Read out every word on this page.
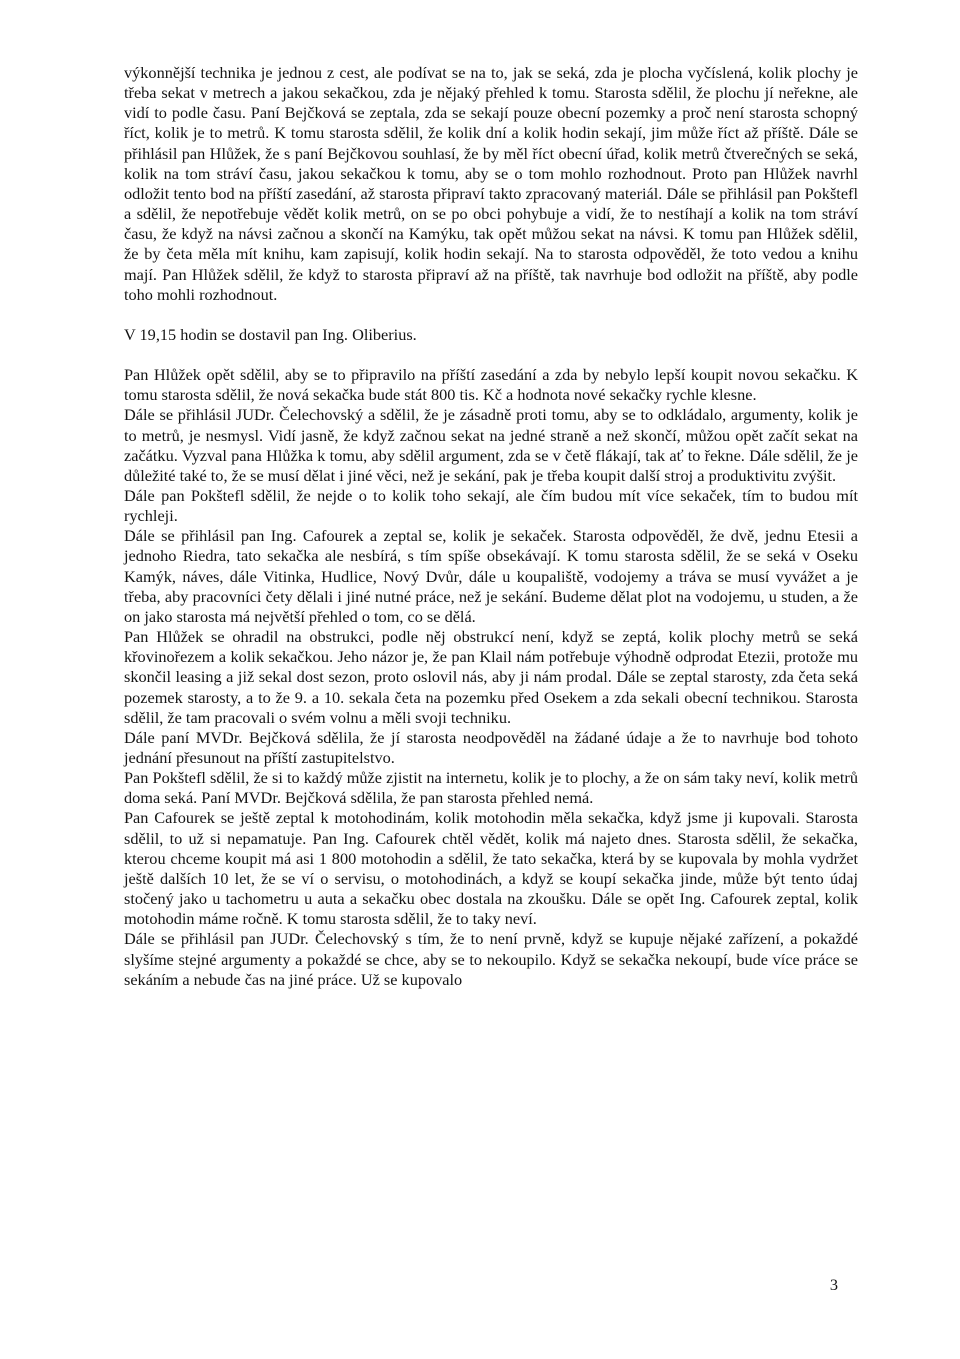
výkonnější technika je jednou z cest, ale podívat se na to, jak se seká, zda je plocha vyčíslená, kolik plochy je třeba sekat v metrech a jakou sekačkou, zda je nějaký přehled k tomu. Starosta sdělil, že plochu jí neřekne, ale vidí to podle času. Paní Bejčková se zeptala, zda se sekají pouze obecní pozemky a proč není starosta schopný říct, kolik je to metrů. K tomu starosta sdělil, že kolik dní a kolik hodin sekají, jim může říct až příště. Dále se přihlásil pan Hlůžek, že s paní Bejčkovou souhlasí, že by měl říct obecní úřad, kolik metrů čtverečných se seká, kolik na tom stráví času, jakou sekačkou k tomu, aby se o tom mohlo rozhodnout. Proto pan Hlůžek navrhl odložit tento bod na příští zasedání, až starosta připraví takto zpracovaný materiál. Dále se přihlásil pan Pokštefl a sdělil, že nepotřebuje vědět kolik metrů, on se po obci pohybuje a vidí, že to nestíhají a kolik na tom stráví času, že když na návsi začnou a skončí na Kamýku, tak opět můžou sekat na návsi. K tomu pan Hlůžek sdělil, že by četa měla mít knihu, kam zapisují, kolik hodin sekají. Na to starosta odpověděl, že toto vedou a knihu mají. Pan Hlůžek sdělil, že když to starosta připraví až na příště, tak navrhuje bod odložit na příště, aby podle toho mohli rozhodnout.

V 19,15 hodin se dostavil pan Ing. Oliberius.

Pan Hlůžek opět sdělil, aby se to připravilo na příští zasedání a zda by nebylo lepší koupit novou sekačku. K tomu starosta sdělil, že nová sekačka bude stát 800 tis. Kč a hodnota nové sekačky rychle klesne.

Dále se přihlásil JUDr. Čelechovský a sdělil, že je zásadně proti tomu, aby se to odkládalo, argumenty, kolik je to metrů, je nesmysl. Vidí jasně, že když začnou sekat na jedné straně a než skončí, můžou opět začít sekat na začátku. Vyzval pana Hlůžka k tomu, aby sdělil argument, zda se v četě flákají, tak ať to řekne. Dále sdělil, že je důležité také to, že se musí dělat i jiné věci, než je sekání, pak je třeba koupit další stroj a produktivitu zvýšit.

Dále pan Pokštefl sdělil, že nejde o to kolik toho sekají, ale čím budou mít více sekaček, tím to budou mít rychleji.

Dále se přihlásil pan Ing. Cafourek a zeptal se, kolik je sekaček. Starosta odpověděl, že dvě, jednu Etesii a jednoho Riedra, tato sekačka ale nesbírá, s tím spíše obsekávají. K tomu starosta sdělil, že se seká v Oseku Kamýk, náves, dále Vitinka, Hudlice, Nový Dvůr, dále u koupaliště, vodojemy a tráva se musí vyvážet a je třeba, aby pracovníci čety dělali i jiné nutné práce, než je sekání. Budeme dělat plot na vodojemu, u studen, a že on jako starosta má největší přehled o tom, co se dělá.

Pan Hlůžek se ohradil na obstrukci, podle něj obstrukcí není, když se zeptá, kolik plochy metrů se seká křovinořezem a kolik sekačkou. Jeho názor je, že pan Klail nám potřebuje výhodně odprodat Etezii, protože mu skončil leasing a již sekal dost sezon, proto oslovil nás, aby ji nám prodal. Dále se zeptal starosty, zda četa seká pozemek starosty, a to že 9. a 10. sekala četa na pozemku před Osekem a zda sekali obecní technikou. Starosta sdělil, že tam pracovali o svém volnu a měli svoji techniku.

Dále paní MVDr. Bejčková sdělila, že jí starosta neodpověděl na žádané údaje a že to navrhuje bod tohoto jednání přesunout na příští zastupitelstvo.

Pan Pokštefl sdělil, že si to každý může zjistit na internetu, kolik je to plochy, a že on sám taky neví, kolik metrů doma seká. Paní MVDr. Bejčková sdělila, že pan starosta přehled nemá.

Pan Cafourek se ještě zeptal k motohodinám, kolik motohodin měla sekačka, když jsme ji kupovali. Starosta sdělil, to už si nepamatuje. Pan Ing. Cafourek chtěl vědět, kolik má najeto dnes. Starosta sdělil, že sekačka, kterou chceme koupit má asi 1 800 motohodin a sdělil, že tato sekačka, která by se kupovala by mohla vydržet ještě dalších 10 let, že se ví o servisu, o motohodinách, a když se koupí sekačka jinde, může být tento údaj stočený jako u tachometru u auta a sekačku obec dostala na zkoušku. Dále se opět Ing. Cafourek zeptal, kolik motohodin máme ročně. K tomu starosta sdělil, že to taky neví.

Dále se přihlásil pan JUDr. Čelechovský s tím, že to není prvně, když se kupuje nějaké zařízení, a pokaždé slyšíme stejné argumenty a pokaždé se chce, aby se to nekoupilo. Když se sekačka nekoupí, bude více práce se sekáním a nebude čas na jiné práce. Už se kupovalo

3
